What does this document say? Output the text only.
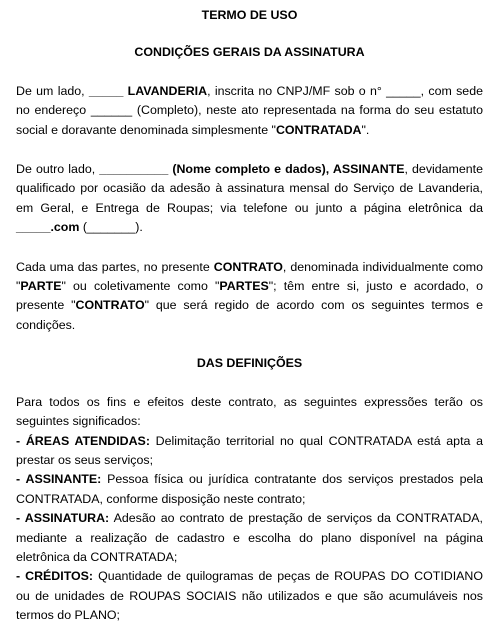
TERMO DE USO

CONDIÇÕES GERAIS DA ASSINATURA

De um lado, _____ LAVANDERIA, inscrita no CNPJ/MF sob o n° _____, com sede no endereço ______ (Completo), neste ato representada na forma do seu estatuto social e doravante denominada simplesmente "CONTRATADA".

De outro lado, __________ (Nome completo e dados), ASSINANTE, devidamente qualificado por ocasião da adesão à assinatura mensal do Serviço de Lavanderia, em Geral, e Entrega de Roupas; via telefone ou junto a página eletrônica da _____.com (_______).

Cada uma das partes, no presente CONTRATO, denominada individualmente como "PARTE" ou coletivamente como "PARTES"; têm entre si, justo e acordado, o presente "CONTRATO" que será regido de acordo com os seguintes termos e condições.

DAS DEFINIÇÕES

Para todos os fins e efeitos deste contrato, as seguintes expressões terão os seguintes significados:

- ÁREAS ATENDIDAS: Delimitação territorial no qual CONTRATADA está apta a prestar os seus serviços;

- ASSINANTE: Pessoa física ou jurídica contratante dos serviços prestados pela CONTRATADA, conforme disposição neste contrato;

- ASSINATURA: Adesão ao contrato de prestação de serviços da CONTRATADA, mediante a realização de cadastro e escolha do plano disponível na página eletrônica da CONTRATADA;

- CRÉDITOS: Quantidade de quilogramas de peças de ROUPAS DO COTIDIANO ou de unidades de ROUPAS SOCIAIS não utilizados e que são acumuláveis nos termos do PLANO;
